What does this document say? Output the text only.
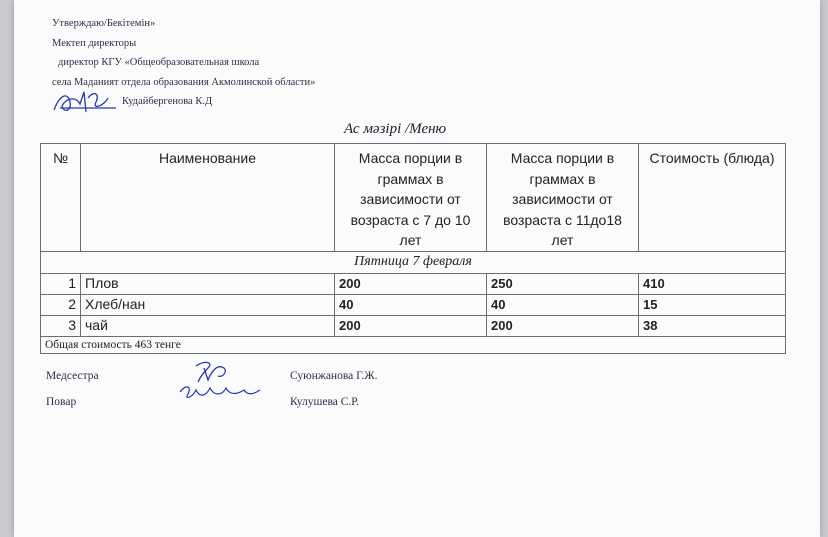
Утверждаю/Бекітемін»
Мектеп директоры
директор КГУ «Общеобразовательная школа
села Маданият отдела образования Акмолинской области»
Кудайбергенова К.Д
Ас мәзірі /Меню
№	Наименование	Масса порции в граммах в зависимости от возраста с 7 до 10 лет	Масса порции в граммах в зависимости от возраста с 11до18 лет	Стоимость (блюда)
Пятница 7 февраля				
1	Плов	200	250	410
2	Хлеб/нан	40	40	15
3	чай	200	200	38
Общая стоимость 463 тенге				
Медсестра	Суюнжанова Г.Ж.
Повар	Кулушева С.Р.
